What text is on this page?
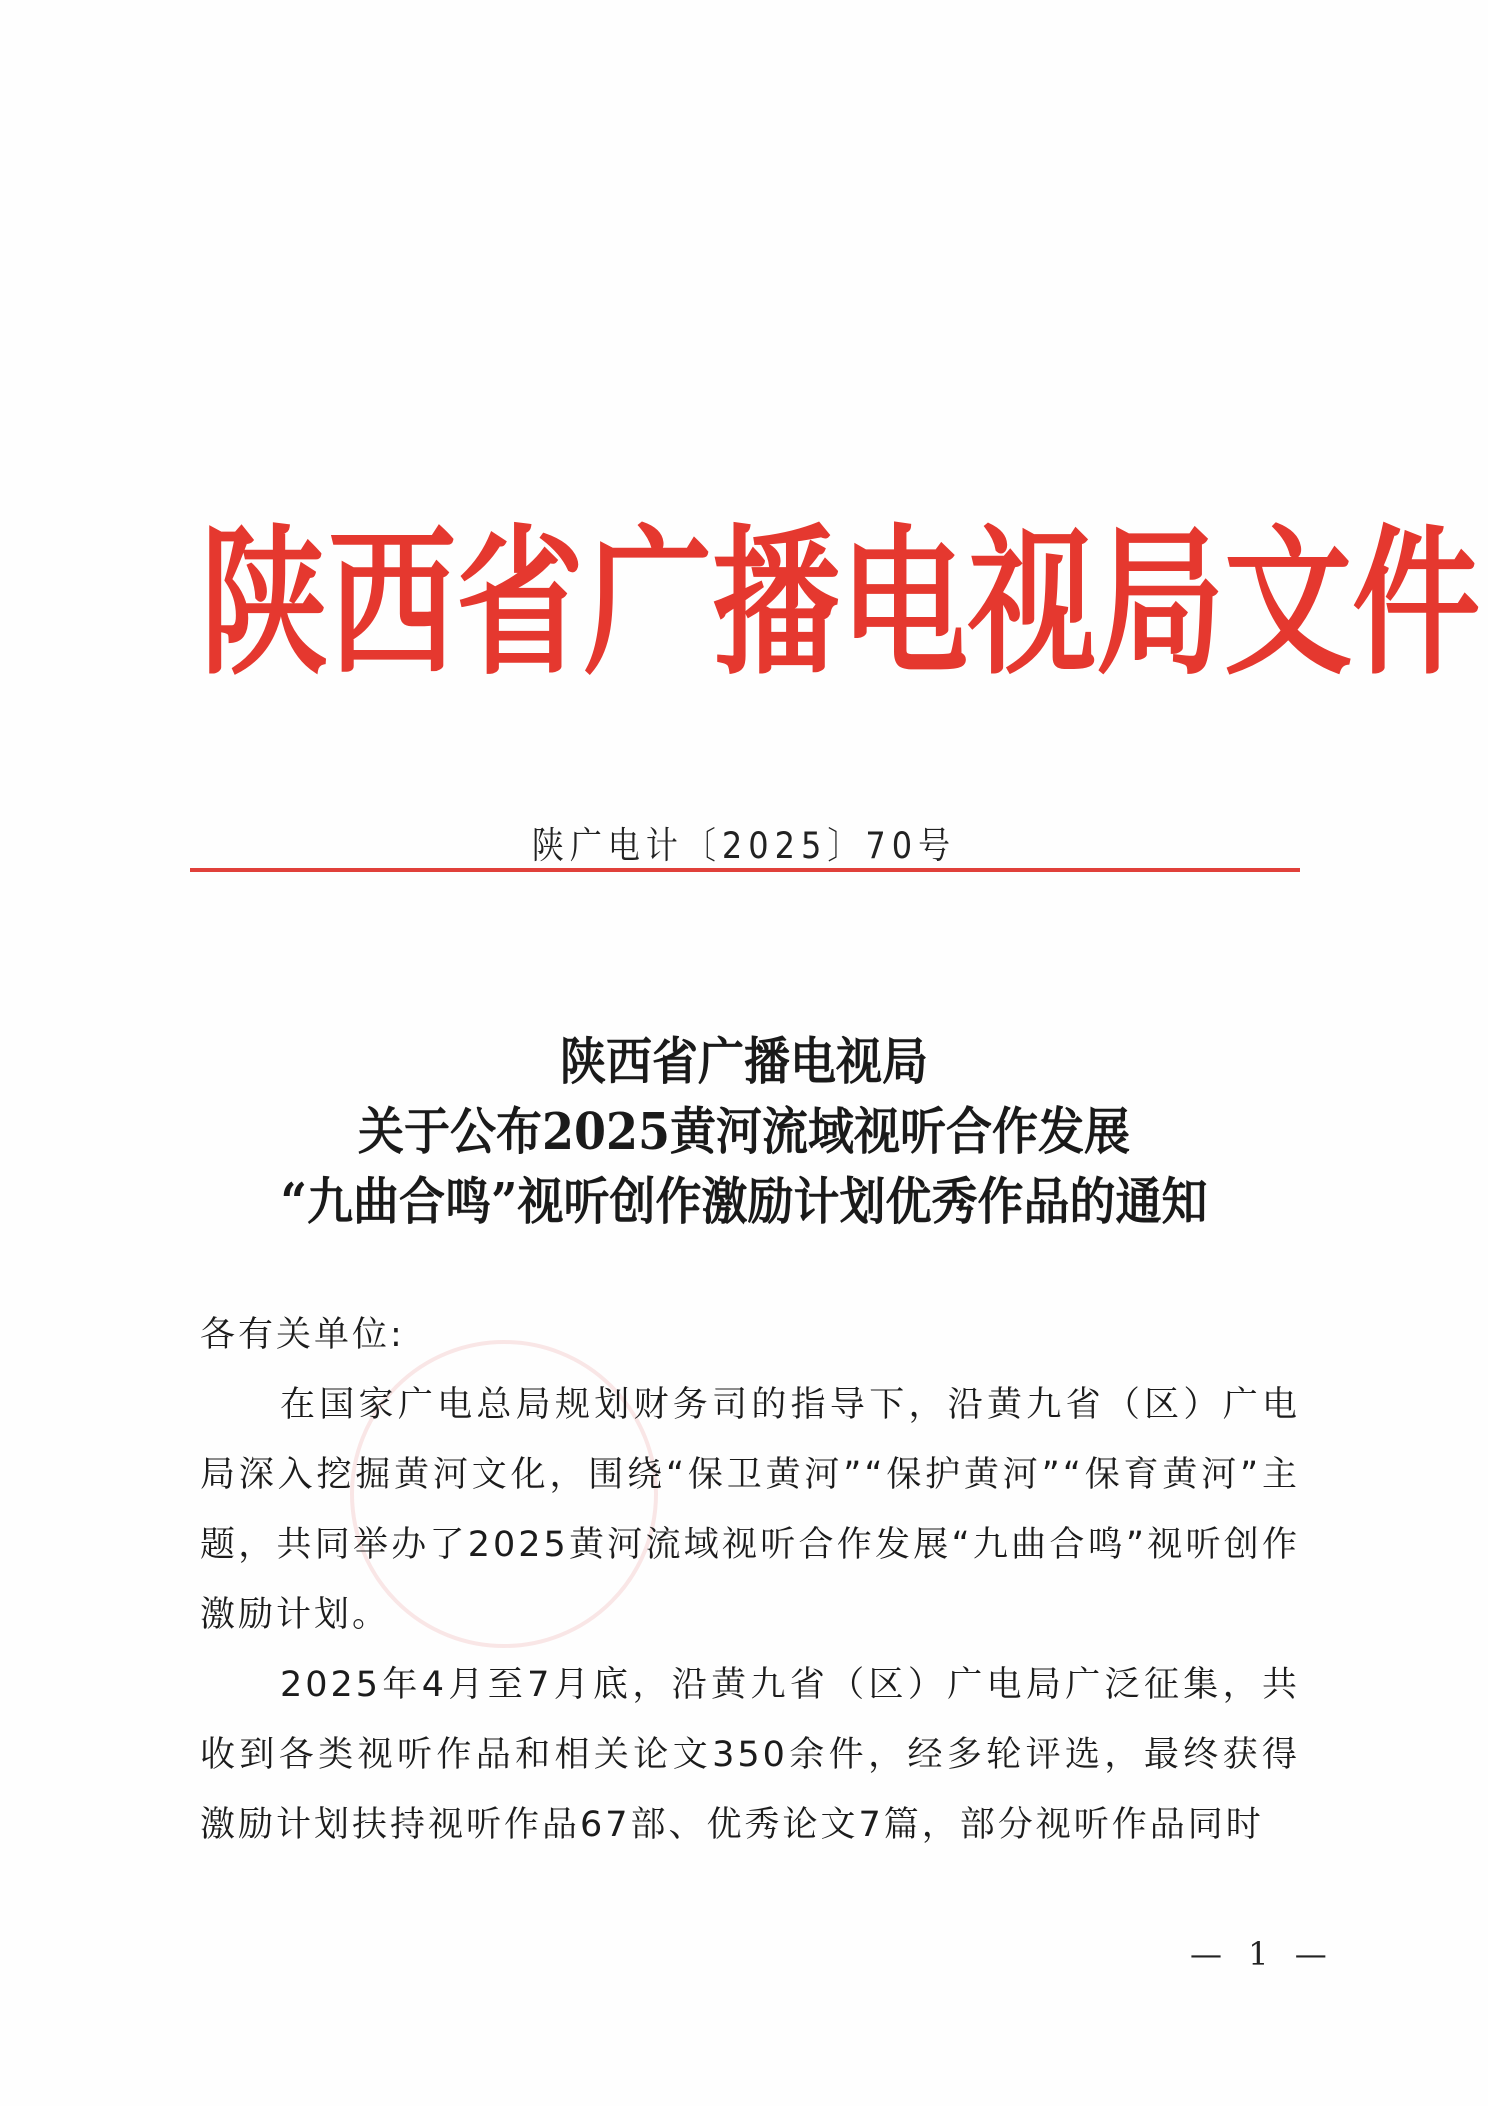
陕 西 省 广 播 电 视 局 文 件
陕广电计〔2025〕70号
陕西省广播电视局
关于公布2025黄河流域视听合作发展
“九曲合鸣”视听创作激励计划优秀作品的通知
各有关单位:
在国家广电总局规划财务司的指导下，沿黄九省（区）广电局深入挖掘黄河文化，围绕“保卫黄河”“保护黄河”“保育黄河”主题，共同举办了2025黄河流域视听合作发展“九曲合鸣”视听创作激励计划。
2025年4月至7月底，沿黄九省（区）广电局广泛征集，共收到各类视听作品和相关论文350余件，经多轮评选，最终获得激励计划扶持视听作品67部、优秀论文7篇，部分视听作品同时
— 1 —
